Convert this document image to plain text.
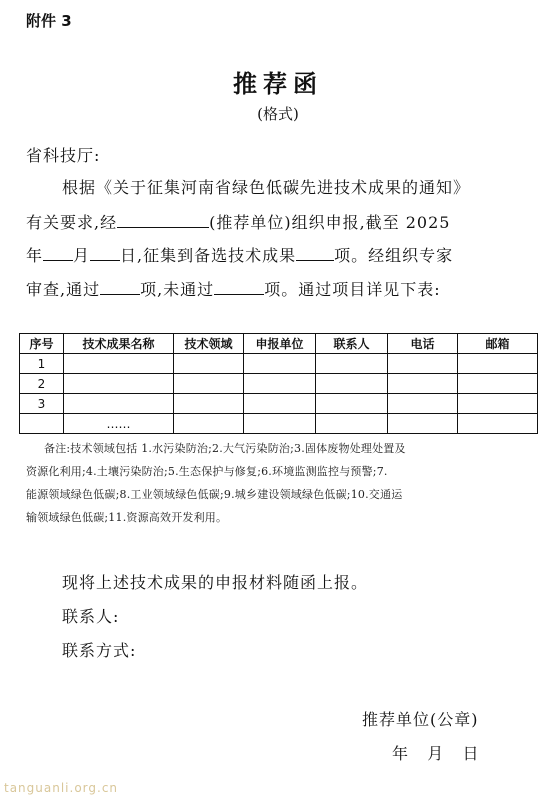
附件 3
推荐函
(格式)
省科技厅:
根据《关于征集河南省绿色低碳先进技术成果的通知》
有关要求,经	(推荐单位)组织申报,截至 2025
年 月 日,征集到备选技术成果 项。经组织专家
审查,通过	项,未通过	项。通过项目详见下表:
序号	技术成果名称	技术领域	申报单位	联系人	电话	邮箱
1						
2						
3						
	……					
备注:技术领域包括 1.水污染防治;2.大气污染防治;3.固体废物处理处置及
资源化利用;4.土壤污染防治;5.生态保护与修复;6.环境监测监控与预警;7.
能源领域绿色低碳;8.工业领域绿色低碳;9.城乡建设领域绿色低碳;10.交通运
输领域绿色低碳;11.资源高效开发利用。
现将上述技术成果的申报材料随函上报。
联系人:
联系方式:
推荐单位(公章)
年   月   日
tanguanli.org.cn
